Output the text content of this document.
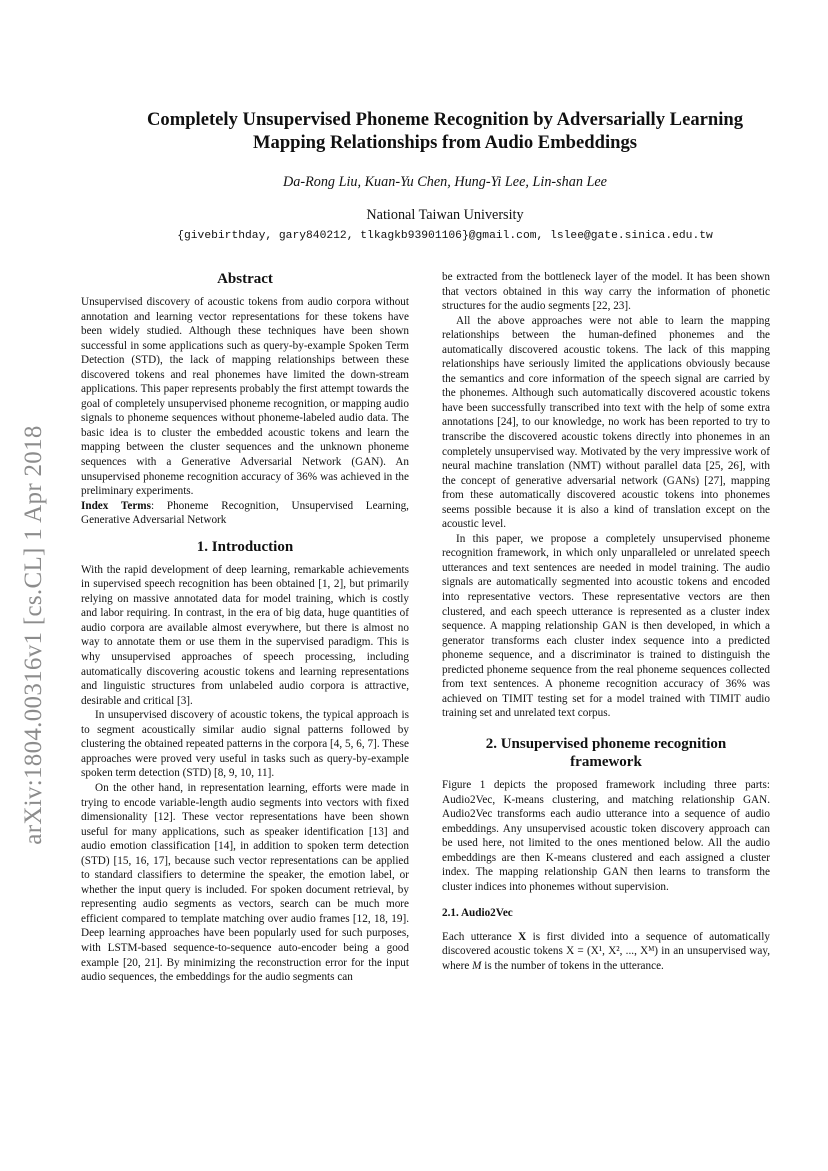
arXiv:1804.00316v1 [cs.CL] 1 Apr 2018
Completely Unsupervised Phoneme Recognition by Adversarially Learning
Mapping Relationships from Audio Embeddings
Da-Rong Liu, Kuan-Yu Chen, Hung-Yi Lee, Lin-shan Lee
National Taiwan University
{givebirthday, gary840212, tlkagkb93901106}@gmail.com, lslee@gate.sinica.edu.tw
Abstract

Unsupervised discovery of acoustic tokens from audio corpora without annotation and learning vector representations for these tokens have been widely studied. Although these techniques have been shown successful in some applications such as query-by-example Spoken Term Detection (STD), the lack of mapping relationships between these discovered tokens and real phonemes have limited the down-stream applications. This paper represents probably the first attempt towards the goal of completely unsupervised phoneme recognition, or mapping audio signals to phoneme sequences without phoneme-labeled audio data. The basic idea is to cluster the embedded acoustic tokens and learn the mapping between the cluster sequences and the unknown phoneme sequences with a Generative Adversarial Network (GAN). An unsupervised phoneme recognition accuracy of 36% was achieved in the preliminary experiments.

Index Terms: Phoneme Recognition, Unsupervised Learning, Generative Adversarial Network

1. Introduction

With the rapid development of deep learning, remarkable achievements in supervised speech recognition has been obtained [1, 2], but primarily relying on massive annotated data for model training, which is costly and labor requiring. In contrast, in the era of big data, huge quantities of audio corpora are available almost everywhere, but there is almost no way to annotate them or use them in the supervised paradigm. This is why unsupervised approaches of speech processing, including automatically discovering acoustic tokens and learning representations and linguistic structures from unlabeled audio corpora is attractive, desirable and critical [3].

In unsupervised discovery of acoustic tokens, the typical approach is to segment acoustically similar audio signal patterns followed by clustering the obtained repeated patterns in the corpora [4, 5, 6, 7]. These approaches were proved very useful in tasks such as query-by-example spoken term detection (STD) [8, 9, 10, 11].

On the other hand, in representation learning, efforts were made in trying to encode variable-length audio segments into vectors with fixed dimensionality [12]. These vector representations have been shown useful for many applications, such as speaker identification [13] and audio emotion classification [14], in addition to spoken term detection (STD) [15, 16, 17], because such vector representations can be applied to standard classifiers to determine the speaker, the emotion label, or whether the input query is included. For spoken document retrieval, by representing audio segments as vectors, search can be much more efficient compared to template matching over audio frames [12, 18, 19]. Deep learning approaches have been popularly used for such purposes, with LSTM-based sequence-to-sequence auto-encoder being a good example [20, 21]. By minimizing the reconstruction error for the input audio sequences, the embeddings for the audio segments can

be extracted from the bottleneck layer of the model. It has been shown that vectors obtained in this way carry the information of phonetic structures for the audio segments [22, 23].

All the above approaches were not able to learn the mapping relationships between the human-defined phonemes and the automatically discovered acoustic tokens. The lack of this mapping relationships have seriously limited the applications obviously because the semantics and core information of the speech signal are carried by the phonemes. Although such automatically discovered acoustic tokens have been successfully transcribed into text with the help of some extra annotations [24], to our knowledge, no work has been reported to try to transcribe the discovered acoustic tokens directly into phonemes in an completely unsupervised way. Motivated by the very impressive work of neural machine translation (NMT) without parallel data [25, 26], with the concept of generative adversarial network (GANs) [27], mapping from these automatically discovered acoustic tokens into phonemes seems possible because it is also a kind of translation except on the acoustic level.

In this paper, we propose a completely unsupervised phoneme recognition framework, in which only unparalleled or unrelated speech utterances and text sentences are needed in model training. The audio signals are automatically segmented into acoustic tokens and encoded into representative vectors. These representative vectors are then clustered, and each speech utterance is represented as a cluster index sequence. A mapping relationship GAN is then developed, in which a generator transforms each cluster index sequence into a predicted phoneme sequence, and a discriminator is trained to distinguish the predicted phoneme sequence from the real phoneme sequences collected from text sentences. A phoneme recognition accuracy of 36% was achieved on TIMIT testing set for a model trained with TIMIT audio training set and unrelated text corpus.

2. Unsupervised phoneme recognition
framework

Figure 1 depicts the proposed framework including three parts: Audio2Vec, K-means clustering, and matching relationship GAN. Audio2Vec transforms each audio utterance into a sequence of audio embeddings. Any unsupervised acoustic token discovery approach can be used here, not limited to the ones mentioned below. All the audio embeddings are then K-means clustered and each assigned a cluster index. The mapping relationship GAN then learns to transform the cluster indices into phonemes without supervision.

2.1. Audio2Vec

Each utterance X is first divided into a sequence of automatically discovered acoustic tokens X = (X¹, X², ..., Xᴹ) in an unsupervised way, where M is the number of tokens in the utterance.
